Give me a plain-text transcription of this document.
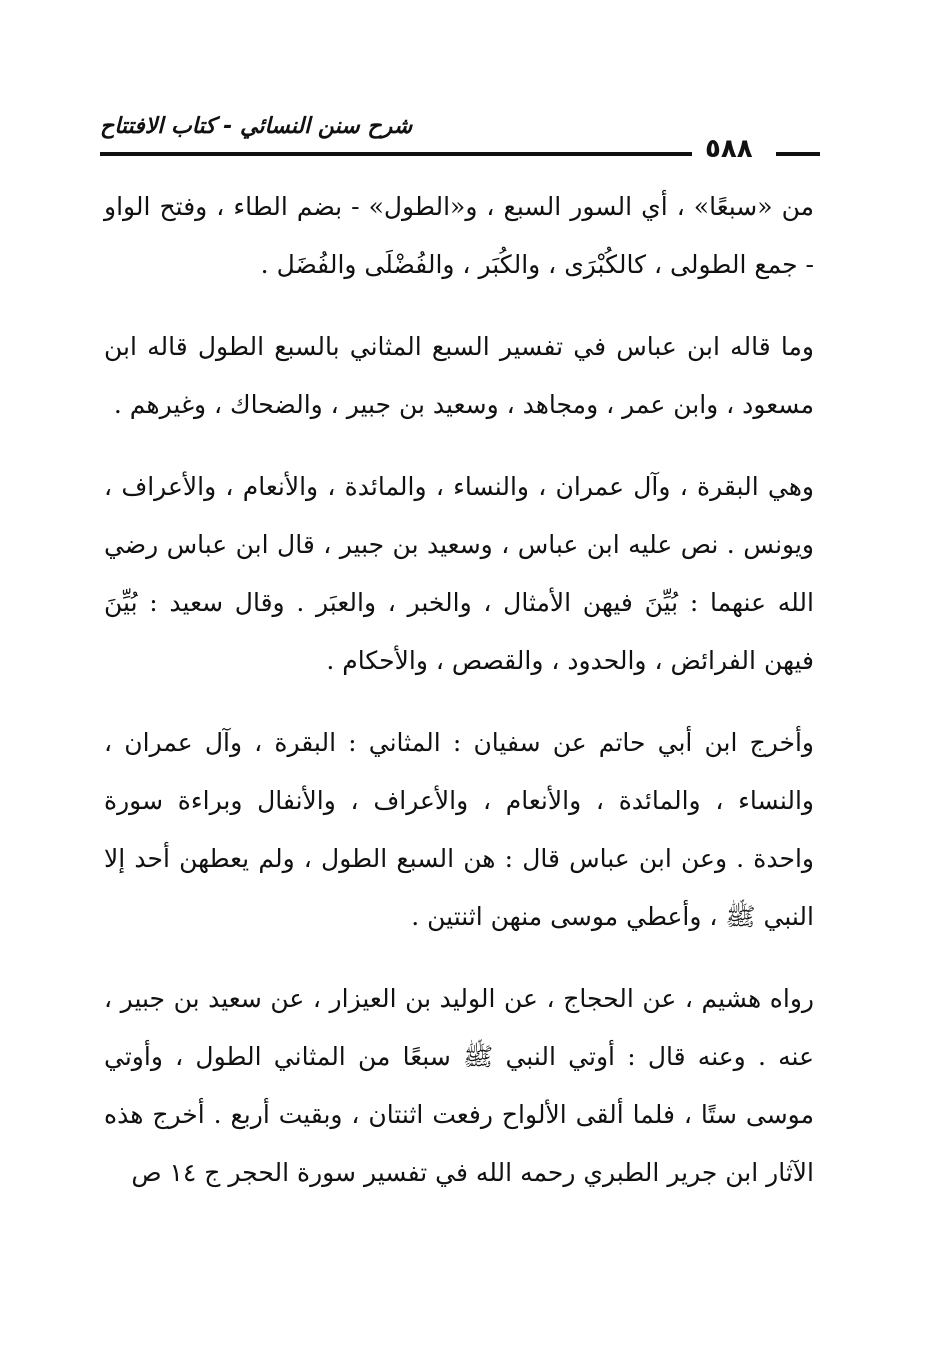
شرح سنن النسائي - كتاب الافتتاح
٥٨٨

من «سبعًا» ، أي السور السبع ، و«الطول» - بضم الطاء ، وفتح الواو - جمع الطولى ، كالكُبْرَى ، والكُبَر ، والفُضْلَى والفُضَل .

وما قاله ابن عباس في تفسير السبع المثاني بالسبع الطول قاله ابن مسعود ، وابن عمر ، ومجاهد ، وسعيد بن جبير ، والضحاك ، وغيرهم .

وهي البقرة ، وآل عمران ، والنساء ، والمائدة ، والأنعام ، والأعراف ، ويونس . نص عليه ابن عباس ، وسعيد بن جبير ، قال ابن عباس رضي الله عنهما : بُيِّنَ فيهن الأمثال ، والخبر ، والعبَر . وقال سعيد : بُيِّنَ فيهن الفرائض ، والحدود ، والقصص ، والأحكام .

وأخرج ابن أبي حاتم عن سفيان : المثاني : البقرة ، وآل عمران ، والنساء ، والمائدة ، والأنعام ، والأعراف ، والأنفال وبراءة سورة واحدة . وعن ابن عباس قال : هن السبع الطول ، ولم يعطهن أحد إلا النبي ﷺ ، وأعطي موسى منهن اثنتين .

رواه هشيم ، عن الحجاج ، عن الوليد بن العيزار ، عن سعيد بن جبير ، عنه . وعنه قال : أوتي النبي ﷺ سبعًا من المثاني الطول ، وأوتي موسى ستًا ، فلما ألقى الألواح رفعت اثنتان ، وبقيت أربع . أخرج هذه الآثار ابن جرير الطبري رحمه الله في تفسير سورة الحجر ج ١٤ ص
